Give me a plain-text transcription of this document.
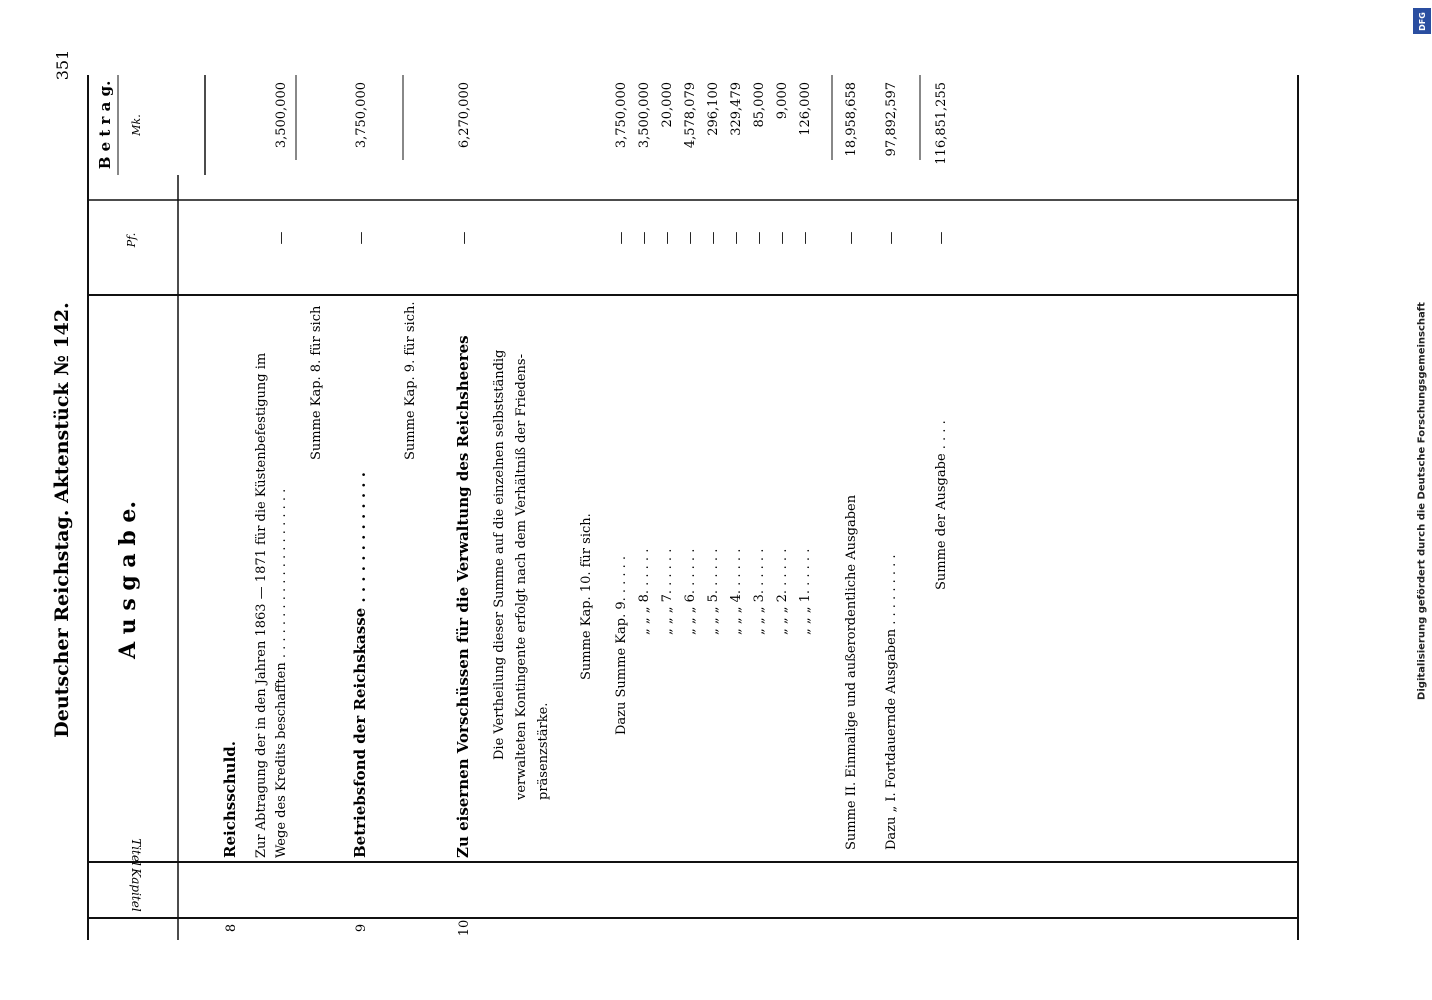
Deutscher Reichstag. Aktenstück № 142.
351
Kapitel
Titel
A u s g a b e.
Pf.
B e t r a g. Mk.
Reichsschuld.
8
Zur Abtragung der in den Jahren 1863 — 1871 für die Küstenbefestigung im Wege des Kredits beschafften . . . . . . . . . . . . . . . . . . . . .
—
3,500,000
Summe Kap. 8. für sich
Betriebsfond der Reichskasse . . . . . . . . . . . . .
9
—
3,750,000
Summe Kap. 9. für sich. Zu eisernen Vorschüssen für die Verwaltung des Reichsheeres
10
—
6,270,000
Die Vertheilung dieser Summe auf die einzelnen selbstständig verwalteten Kontingente erfolgt nach dem Verhältniß der Friedens- präsenzstärke.
Summe Kap. 10. für sich. Dazu Summe Kap. 9. . . . . .
—
3,750,000
„ „ „ 8. . . . . .
—
3,500,000
„ „ „ 7. . . . . .
—
20,000
„ „ „ 6. . . . . .
—
4,578,079
„ „ „ 5. . . . . .
—
296,100
„ „ „ 4. . . . . .
—
329,479
„ „ „ 3. . . . . .
—
85,000
„ „ „ 2. . . . . .
—
9,000
„ „ „ 1. . . . . .
—
126,000
Summe II. Einmalige und außerordentliche Ausgaben
—
18,958,658
Dazu „ I. Fortdauernde Ausgaben . . . . . . . . .
—
97,892,597
Summe der Ausgabe . . . .
—
116,851,255
DFG
Digitalisierung gefördert durch die Deutsche Forschungsgemeinschaft
